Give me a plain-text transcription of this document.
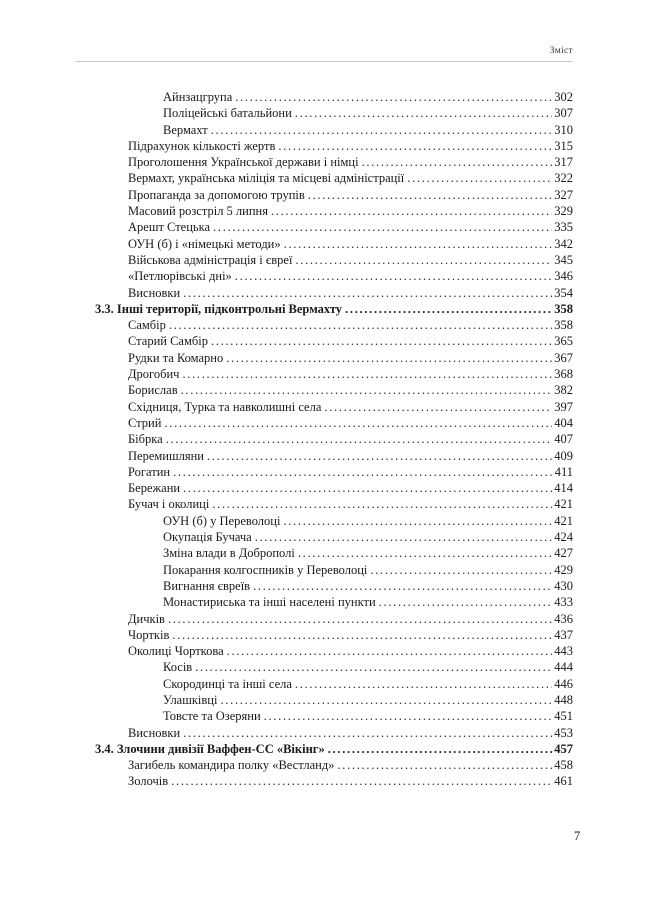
Зміст
Айнзацгрупа .....	302
Поліцейські батальйони .....	307
Вермахт .....	310
Підрахунок кількості жертв .....	315
Проголошення Української держави і німці .....	317
Вермахт, українська міліція та місцеві адміністрації .....	322
Пропаганда за допомогою трупів .....	327
Масовий розстріл 5 липня .....	329
Арешт Стецька .....	335
ОУН (б) і «німецькі методи» .....	342
Військова адміністрація і євреї .....	345
«Петлюрівські дні» .....	346
Висновки .....	354
3.3. Інші території, підконтрольні Вермахту .....	358
Самбір .....	358
Старий Самбір .....	365
Рудки та Комарно .....	367
Дрогобич .....	368
Борислав .....	382
Східниця, Турка та навколишні села .....	397
Стрий .....	404
Бібрка .....	407
Перемишляни .....	409
Рогатин .....	411
Бережани .....	414
Бучач і околиці .....	421
ОУН (б) у Переволоці .....	421
Окупація Бучача .....	424
Зміна влади в Доброполі .....	427
Покарання колгоспників у Переволоці .....	429
Вигнання євреїв .....	430
Монастириська та інші населені пункти .....	433
Дичків .....	436
Чортків .....	437
Околиці Чорткова .....	443
Косів .....	444
Скородинці та інші села .....	446
Улашківці .....	448
Товсте та Озеряни .....	451
Висновки .....	453
3.4. Злочини дивізії Ваффен-СС «Вікінг» .....	457
Загибель командира полку «Вестланд» .....	458
Золочів .....	461
7
